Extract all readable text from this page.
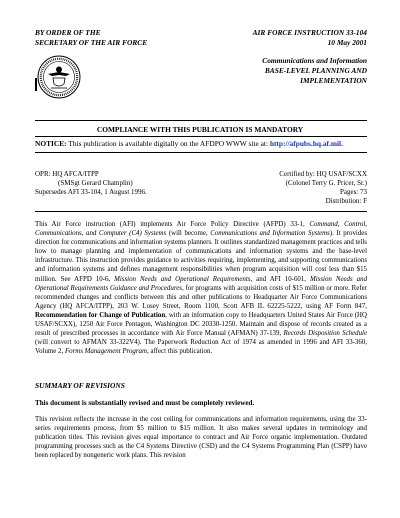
BY ORDER OF THE
SECRETARY OF THE AIR FORCE
AIR FORCE INSTRUCTION 33-104
10 May 2001
Communications and Information
BASE-LEVEL PLANNING AND
IMPLEMENTATION
COMPLIANCE WITH THIS PUBLICATION IS MANDATORY
NOTICE: This publication is available digitally on the AFDPO WWW site at: http://afpubs.hq.af.mil.
OPR: HQ AFCA/ITPP
(SMSgt Gerard Champlin)
Supersedes AFI 33-104, 1 August 1996.
Certified by: HQ USAF/SCXX
(Colonel Terry G. Pricer, Sr.)
Pages: 73
Distribution: F

This Air Force instruction (AFI) implements Air Force Policy Directive (AFPD) 33-1, Command, Control, Communications, and Computer (C4) Systems (will become, Communications and Information Systems). It provides direction for communications and information systems planners. It outlines standardized management practices and tells how to manage planning and implementation of communications and information systems and the base-level infrastructure. This instruction provides guidance to activities requiring, implementing, and supporting communications and information systems and defines management responsibilities when program acquisition will cost less than $15 million. See AFPD 10-6, Mission Needs and Operational Requirements, and AFI 10-601, Mission Needs and Operational Requirements Guidance and Procedures, for programs with acquisition costs of $15 million or more. Refer recommended changes and conflicts between this and other publications to Headquarter Air Force Communications Agency (HQ AFCA/ITPP), 203 W. Losey Street, Room 1100, Scott AFB IL 62225-5222, using AF Form 847, Recommendation for Change of Publication, with an information copy to Headquarters United States Air Force (HQ USAF/SCXX), 1250 Air Force Pentagon, Washington DC 20330-1250. Maintain and dispose of records created as a result of prescribed processes in accordance with Air Force Manual (AFMAN) 37-139, Records Disposition Schedule (will convert to AFMAN 33-322V4). The Paperwork Reduction Act of 1974 as amended in 1996 and AFI 33-360, Volume 2, Forms Management Program, affect this publication.

SUMMARY OF REVISIONS
This document is substantially revised and must be completely reviewed.

This revision reflects the increase in the cost ceiling for communications and information requirements, using the 33-series requirements process, from $5 million to $15 million. It also makes several updates in terminology and publication titles. This revision gives equal importance to contract and Air Force organic implementation. Outdated programming processes such as the C4 Systems Directive (CSD) and the C4 Systems Programming Plan (CSPP) have been replaced by nongeneric work plans. This revision
